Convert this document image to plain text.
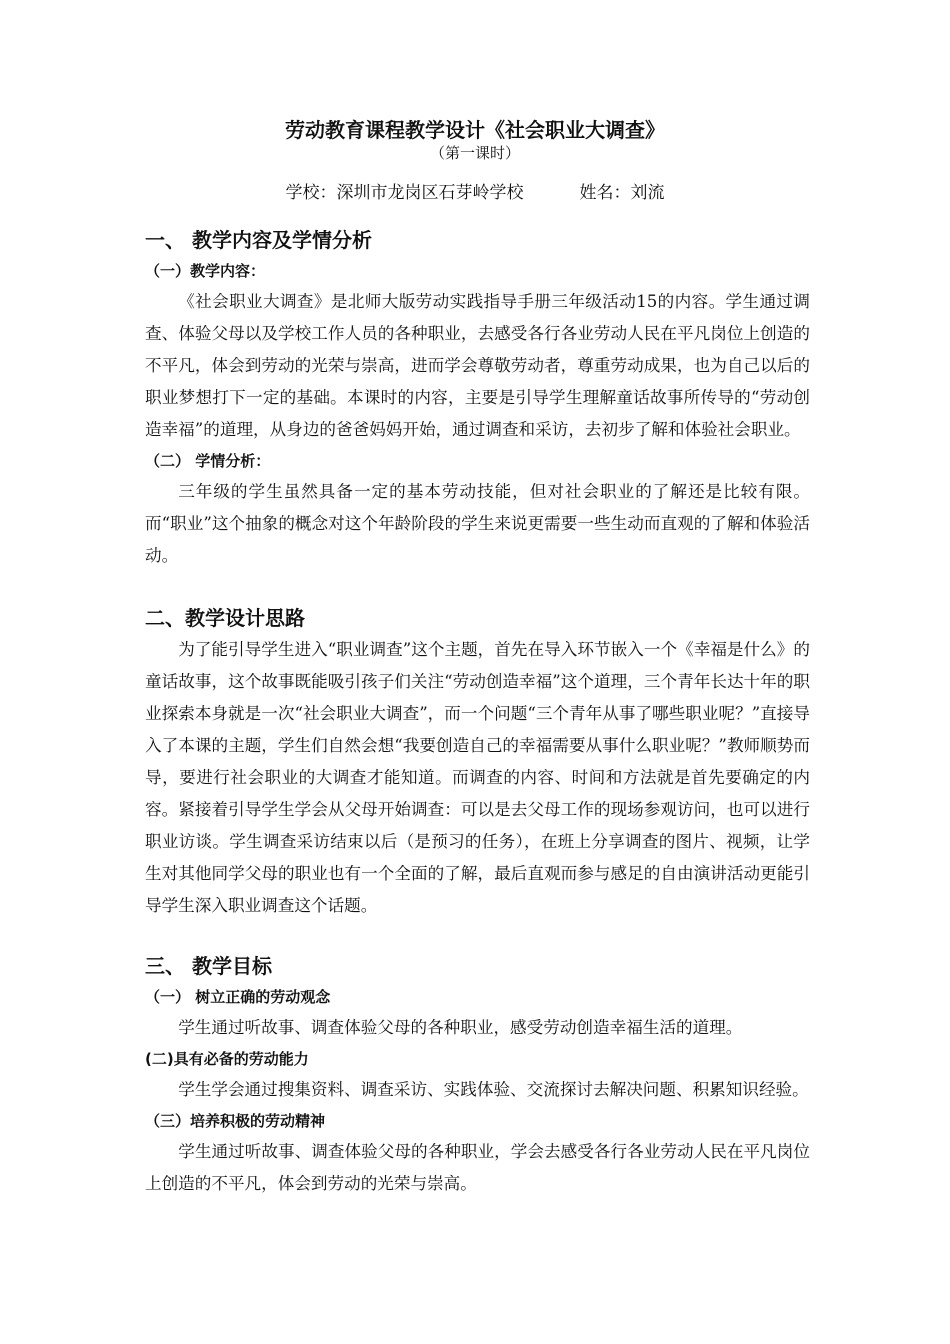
劳动教育课程教学设计《社会职业大调查》
（第一课时）
学校：深圳市龙岗区石芽岭学校	姓名：刘流
一、 教学内容及学情分析
（一）教学内容：

《社会职业大调查》是北师大版劳动实践指导手册三年级活动15的内容。学生通过调查、体验父母以及学校工作人员的各种职业，去感受各行各业劳动人民在平凡岗位上创造的不平凡，体会到劳动的光荣与崇高，进而学会尊敬劳动者，尊重劳动成果，也为自己以后的职业梦想打下一定的基础。本课时的内容，主要是引导学生理解童话故事所传导的“劳动创造幸福”的道理，从身边的爸爸妈妈开始，通过调查和采访，去初步了解和体验社会职业。

（二） 学情分析：

三年级的学生虽然具备一定的基本劳动技能，但对社会职业的了解还是比较有限。而“职业”这个抽象的概念对这个年龄阶段的学生来说更需要一些生动而直观的了解和体验活动。

二、教学设计思路

为了能引导学生进入“职业调查”这个主题，首先在导入环节嵌入一个《幸福是什么》的童话故事，这个故事既能吸引孩子们关注“劳动创造幸福”这个道理，三个青年长达十年的职业探索本身就是一次“社会职业大调查”，而一个问题“三个青年从事了哪些职业呢？”直接导入了本课的主题，学生们自然会想“我要创造自己的幸福需要从事什么职业呢？”教师顺势而导，要进行社会职业的大调查才能知道。而调查的内容、时间和方法就是首先要确定的内容。紧接着引导学生学会从父母开始调查：可以是去父母工作的现场参观访问，也可以进行职业访谈。学生调查采访结束以后（是预习的任务），在班上分享调查的图片、视频，让学生对其他同学父母的职业也有一个全面的了解，最后直观而参与感足的自由演讲活动更能引导学生深入职业调查这个话题。

三、 教学目标
（一） 树立正确的劳动观念

学生通过听故事、调查体验父母的各种职业，感受劳动创造幸福生活的道理。

(二)具有必备的劳动能力

学生学会通过搜集资料、调查采访、实践体验、交流探讨去解决问题、积累知识经验。

（三）培养积极的劳动精神

学生通过听故事、调查体验父母的各种职业，学会去感受各行各业劳动人民在平凡岗位上创造的不平凡，体会到劳动的光荣与崇高。
